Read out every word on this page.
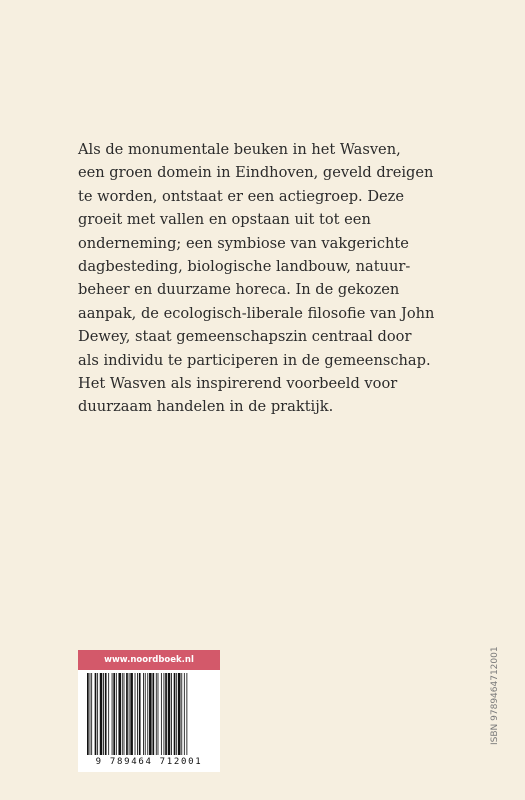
Als de monumentale beuken in het Wasven,
een groen domein in Eindhoven, geveld dreigen
te worden, ontstaat er een actiegroep. Deze
groeit met vallen en opstaan uit tot een
onderneming; een symbiose van vakgerichte
dagbesteding, biologische landbouw, natuur-
beheer en duurzame horeca. In de gekozen
aanpak, de ecologisch-liberale filosofie van John
Dewey, staat gemeenschapszin centraal door
als individu te participeren in de gemeenschap.
Het Wasven als inspirerend voorbeeld voor
duurzaam handelen in de praktijk.

www.noordboek.nl
9 789464 712001
ISBN 9789464712001
